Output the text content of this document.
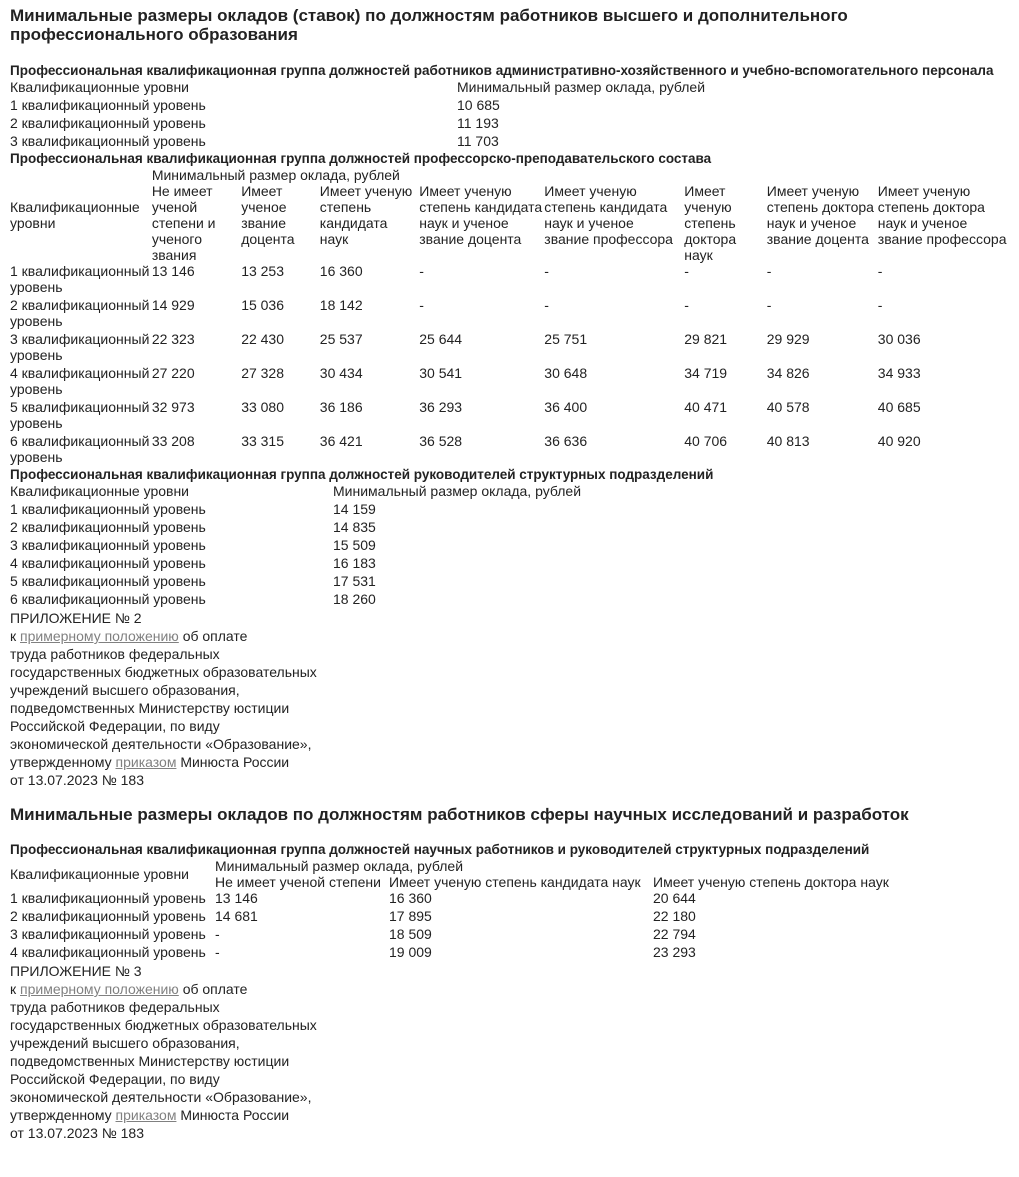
Минимальные размеры окладов (ставок) по должностям работников высшего и дополнительного профессионального образования
Профессиональная квалификационная группа должностей работников административно-хозяйственного и учебно-вспомогательного персонала
Квалификационные уровни	Минимальный размер оклада, рублей
1 квалификационный уровень	10 685
2 квалификационный уровень	11 193
3 квалификационный уровень	11 703
Профессиональная квалификационная группа должностей профессорско-преподавательского состава
Квалификационные уровни	Минимальный размер оклада, рублей							
	Не имеет ученой степени и ученого звания	Имеет ученое звание доцента	Имеет ученую степень кандидата наук	Имеет ученую степень кандидата наук и ученое звание доцента	Имеет ученую степень кандидата наук и ученое звание профессора	Имеет ученую степень доктора наук	Имеет ученую степень доктора наук и ученое звание доцента	Имеет ученую степень доктора наук и ученое звание профессора
1 квалификационный уровень	13 146	13 253	16 360	-	-	-	-	-
2 квалификационный уровень	14 929	15 036	18 142	-	-	-	-	-
3 квалификационный уровень	22 323	22 430	25 537	25 644	25 751	29 821	29 929	30 036
4 квалификационный уровень	27 220	27 328	30 434	30 541	30 648	34 719	34 826	34 933
5 квалификационный уровень	32 973	33 080	36 186	36 293	36 400	40 471	40 578	40 685
6 квалификационный уровень	33 208	33 315	36 421	36 528	36 636	40 706	40 813	40 920
Профессиональная квалификационная группа должностей руководителей структурных подразделений
Квалификационные уровни	Минимальный размер оклада, рублей
1 квалификационный уровень	14 159
2 квалификационный уровень	14 835
3 квалификационный уровень	15 509
4 квалификационный уровень	16 183
5 квалификационный уровень	17 531
6 квалификационный уровень	18 260
ПРИЛОЖЕНИЕ № 2
к примерному положению об оплате
труда работников федеральных
государственных бюджетных образовательных
учреждений высшего образования,
подведомственных Министерству юстиции
Российской Федерации, по виду
экономической деятельности «Образование»,
утвержденному приказом Минюста России
от 13.07.2023 № 183
Минимальные размеры окладов по должностям работников сферы научных исследований и разработок
Профессиональная квалификационная группа должностей научных работников и руководителей структурных подразделений
Квалификационные уровни	Минимальный размер оклада, рублей		
	Не имеет ученой степени	Имеет ученую степень кандидата наук	Имеет ученую степень доктора наук
1 квалификационный уровень	13 146	16 360	20 644
2 квалификационный уровень	14 681	17 895	22 180
3 квалификационный уровень	-	18 509	22 794
4 квалификационный уровень	-	19 009	23 293
ПРИЛОЖЕНИЕ № 3
к примерному положению об оплате
труда работников федеральных
государственных бюджетных образовательных
учреждений высшего образования,
подведомственных Министерству юстиции
Российской Федерации, по виду
экономической деятельности «Образование»,
утвержденному приказом Минюста России
от 13.07.2023 № 183
